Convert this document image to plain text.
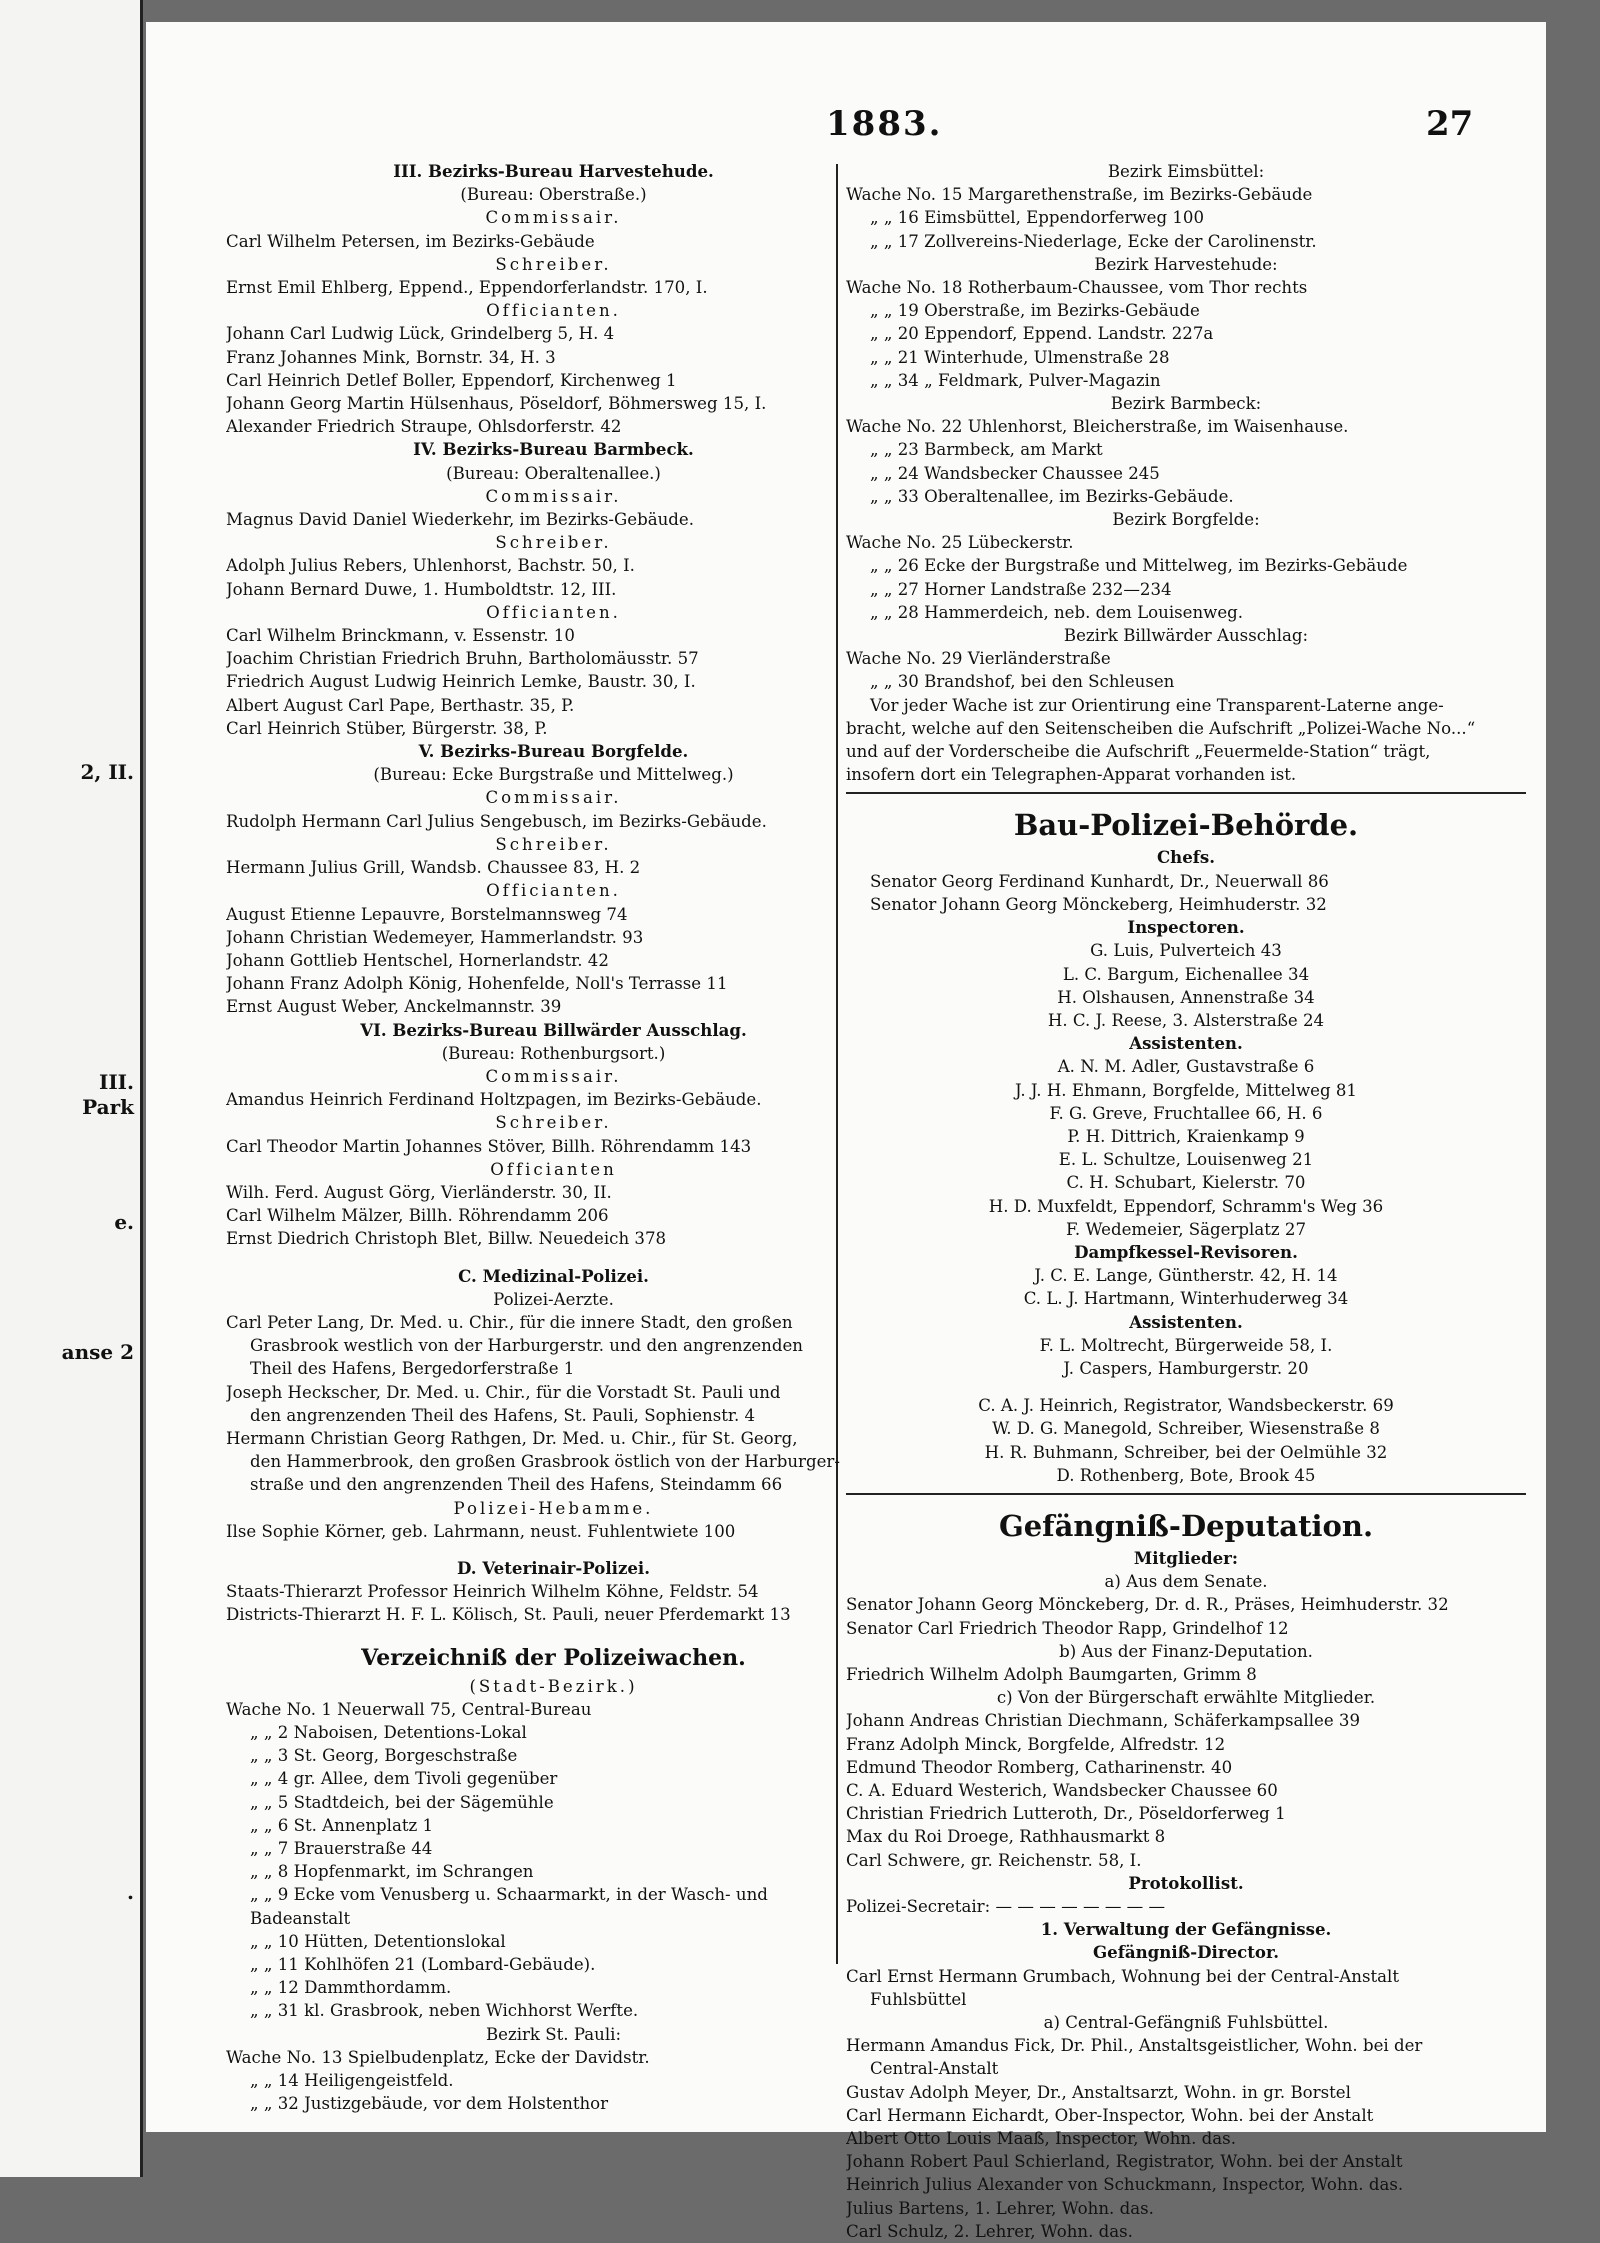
2, II.
III.
Park
e.
anse 2
.
1883.	27
III. Bezirks-Bureau Harvestehude.
(Bureau: Oberstraße.)
Commissair.
Carl Wilhelm Petersen, im Bezirks-Gebäude
Schreiber.
Ernst Emil Ehlberg, Eppend., Eppendorferlandstr. 170, I.
Officianten.
Johann Carl Ludwig Lück, Grindelberg 5, H. 4
Franz Johannes Mink, Bornstr. 34, H. 3
Carl Heinrich Detlef Boller, Eppendorf, Kirchenweg 1
Johann Georg Martin Hülsenhaus, Pöseldorf, Böhmersweg 15, I.
Alexander Friedrich Straupe, Ohlsdorferstr. 42
IV. Bezirks-Bureau Barmbeck.
(Bureau: Oberaltenallee.)
Commissair.
Magnus David Daniel Wiederkehr, im Bezirks-Gebäude.
Schreiber.
Adolph Julius Rebers, Uhlenhorst, Bachstr. 50, I.
Johann Bernard Duwe, 1. Humboldtstr. 12, III.
Officianten.
Carl Wilhelm Brinckmann, v. Essenstr. 10
Joachim Christian Friedrich Bruhn, Bartholomäusstr. 57
Friedrich August Ludwig Heinrich Lemke, Baustr. 30, I.
Albert August Carl Pape, Berthastr. 35, P.
Carl Heinrich Stüber, Bürgerstr. 38, P.
V. Bezirks-Bureau Borgfelde.
(Bureau: Ecke Burgstraße und Mittelweg.)
Commissair.
Rudolph Hermann Carl Julius Sengebusch, im Bezirks-Gebäude.
Schreiber.
Hermann Julius Grill, Wandsb. Chaussee 83, H. 2
Officianten.
August Etienne Lepauvre, Borstelmannsweg 74
Johann Christian Wedemeyer, Hammerlandstr. 93
Johann Gottlieb Hentschel, Hornerlandstr. 42
Johann Franz Adolph König, Hohenfelde, Noll's Terrasse 11
Ernst August Weber, Anckelmannstr. 39
VI. Bezirks-Bureau Billwärder Ausschlag.
(Bureau: Rothenburgsort.)
Commissair.
Amandus Heinrich Ferdinand Holtzpagen, im Bezirks-Gebäude.
Schreiber.
Carl Theodor Martin Johannes Stöver, Billh. Röhrendamm 143
Officianten
Wilh. Ferd. August Görg, Vierländerstr. 30, II.
Carl Wilhelm Mälzer, Billh. Röhrendamm 206
Ernst Diedrich Christoph Blet, Billw. Neuedeich 378
C. Medizinal-Polizei.
Polizei-Aerzte.
Carl Peter Lang, Dr. Med. u. Chir., für die innere Stadt, den großen
Grasbrook westlich von der Harburgerstr. und den angrenzenden
Theil des Hafens, Bergedorferstraße 1
Joseph Heckscher, Dr. Med. u. Chir., für die Vorstadt St. Pauli und
den angrenzenden Theil des Hafens, St. Pauli, Sophienstr. 4
Hermann Christian Georg Rathgen, Dr. Med. u. Chir., für St. Georg,
den Hammerbrook, den großen Grasbrook östlich von der Harburger-
straße und den angrenzenden Theil des Hafens, Steindamm 66
Polizei-Hebamme.
Ilse Sophie Körner, geb. Lahrmann, neust. Fuhlentwiete 100
D. Veterinair-Polizei.
Staats-Thierarzt Professor Heinrich Wilhelm Köhne, Feldstr. 54
Districts-Thierarzt H. F. L. Kölisch, St. Pauli, neuer Pferdemarkt 13
Verzeichniß der Polizeiwachen.
(Stadt-Bezirk.)
Wache No. 1 Neuerwall 75, Central-Bureau
„ „ 2 Naboisen, Detentions-Lokal
„ „ 3 St. Georg, Borgeschstraße
„ „ 4 gr. Allee, dem Tivoli gegenüber
„ „ 5 Stadtdeich, bei der Sägemühle
„ „ 6 St. Annenplatz 1
„ „ 7 Brauerstraße 44
„ „ 8 Hopfenmarkt, im Schrangen
„ „ 9 Ecke vom Venusberg u. Schaarmarkt, in der Wasch- und
Badeanstalt
„ „ 10 Hütten, Detentionslokal
„ „ 11 Kohlhöfen 21 (Lombard-Gebäude).
„ „ 12 Dammthordamm.
„ „ 31 kl. Grasbrook, neben Wichhorst Werfte.
Bezirk St. Pauli:
Wache No. 13 Spielbudenplatz, Ecke der Davidstr.
„ „ 14 Heiligengeistfeld.
„ „ 32 Justizgebäude, vor dem Holstenthor
Bezirk Eimsbüttel:
Wache No. 15 Margarethenstraße, im Bezirks-Gebäude
„ „ 16 Eimsbüttel, Eppendorferweg 100
„ „ 17 Zollvereins-Niederlage, Ecke der Carolinenstr.
Bezirk Harvestehude:
Wache No. 18 Rotherbaum-Chaussee, vom Thor rechts
„ „ 19 Oberstraße, im Bezirks-Gebäude
„ „ 20 Eppendorf, Eppend. Landstr. 227a
„ „ 21 Winterhude, Ulmenstraße 28
„ „ 34 „ Feldmark, Pulver-Magazin
Bezirk Barmbeck:
Wache No. 22 Uhlenhorst, Bleicherstraße, im Waisenhause.
„ „ 23 Barmbeck, am Markt
„ „ 24 Wandsbecker Chaussee 245
„ „ 33 Oberaltenallee, im Bezirks-Gebäude.
Bezirk Borgfelde:
Wache No. 25 Lübeckerstr.
„ „ 26 Ecke der Burgstraße und Mittelweg, im Bezirks-Gebäude
„ „ 27 Horner Landstraße 232—234
„ „ 28 Hammerdeich, neb. dem Louisenweg.
Bezirk Billwärder Ausschlag:
Wache No. 29 Vierländerstraße
„ „ 30 Brandshof, bei den Schleusen
Vor jeder Wache ist zur Orientirung eine Transparent-Laterne ange-
bracht, welche auf den Seitenscheiben die Aufschrift „Polizei-Wache No...“
und auf der Vorderscheibe die Aufschrift „Feuermelde-Station“ trägt,
insofern dort ein Telegraphen-Apparat vorhanden ist.
Bau-Polizei-Behörde.
Chefs.
Senator Georg Ferdinand Kunhardt, Dr., Neuerwall 86
Senator Johann Georg Mönckeberg, Heimhuderstr. 32
Inspectoren.
G. Luis, Pulverteich 43
L. C. Bargum, Eichenallee 34
H. Olshausen, Annenstraße 34
H. C. J. Reese, 3. Alsterstraße 24
Assistenten.
A. N. M. Adler, Gustavstraße 6
J. J. H. Ehmann, Borgfelde, Mittelweg 81
F. G. Greve, Fruchtallee 66, H. 6
P. H. Dittrich, Kraienkamp 9
E. L. Schultze, Louisenweg 21
C. H. Schubart, Kielerstr. 70
H. D. Muxfeldt, Eppendorf, Schramm's Weg 36
F. Wedemeier, Sägerplatz 27
Dampfkessel-Revisoren.
J. C. E. Lange, Güntherstr. 42, H. 14
C. L. J. Hartmann, Winterhuderweg 34
Assistenten.
F. L. Moltrecht, Bürgerweide 58, I.
J. Caspers, Hamburgerstr. 20
C. A. J. Heinrich, Registrator, Wandsbeckerstr. 69
W. D. G. Manegold, Schreiber, Wiesenstraße 8
H. R. Buhmann, Schreiber, bei der Oelmühle 32
D. Rothenberg, Bote, Brook 45
Gefängniß-Deputation.
Mitglieder:
a) Aus dem Senate.
Senator Johann Georg Mönckeberg, Dr. d. R., Präses, Heimhuderstr. 32
Senator Carl Friedrich Theodor Rapp, Grindelhof 12
b) Aus der Finanz-Deputation.
Friedrich Wilhelm Adolph Baumgarten, Grimm 8
c) Von der Bürgerschaft erwählte Mitglieder.
Johann Andreas Christian Diechmann, Schäferkampsallee 39
Franz Adolph Minck, Borgfelde, Alfredstr. 12
Edmund Theodor Romberg, Catharinenstr. 40
C. A. Eduard Westerich, Wandsbecker Chaussee 60
Christian Friedrich Lutteroth, Dr., Pöseldorferweg 1
Max du Roi Droege, Rathhausmarkt 8
Carl Schwere, gr. Reichenstr. 58, I.
Protokollist.
Polizei-Secretair: — — — — — — — —
1. Verwaltung der Gefängnisse.
Gefängniß-Director.
Carl Ernst Hermann Grumbach, Wohnung bei der Central-Anstalt
Fuhlsbüttel
a) Central-Gefängniß Fuhlsbüttel.
Hermann Amandus Fick, Dr. Phil., Anstaltsgeistlicher, Wohn. bei der
Central-Anstalt
Gustav Adolph Meyer, Dr., Anstaltsarzt, Wohn. in gr. Borstel
Carl Hermann Eichardt, Ober-Inspector, Wohn. bei der Anstalt
Albert Otto Louis Maaß, Inspector, Wohn. das.
Johann Robert Paul Schierland, Registrator, Wohn. bei der Anstalt
Heinrich Julius Alexander von Schuckmann, Inspector, Wohn. das.
Julius Bartens, 1. Lehrer, Wohn. das.
Carl Schulz, 2. Lehrer, Wohn. das.
